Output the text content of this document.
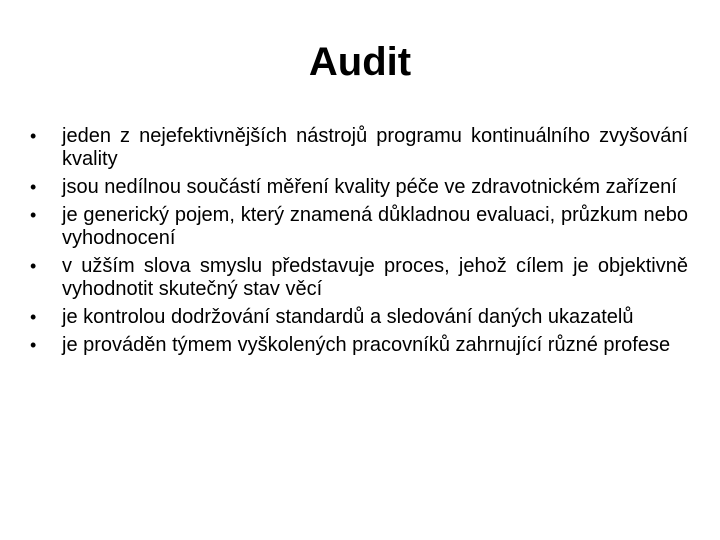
Audit
•	jeden z nejefektivnějších nástrojů programu kontinuálního zvyšování kvality
•	jsou nedílnou součástí měření kvality péče ve zdravotnickém zařízení
•	je generický pojem, který znamená důkladnou evaluaci, průzkum nebo vyhodnocení
•	v užším slova smyslu představuje proces, jehož cílem je objektivně vyhodnotit skutečný stav věcí
•	je kontrolou dodržování standardů a sledování daných ukazatelů
•	je prováděn týmem vyškolených pracovníků zahrnující různé profese
